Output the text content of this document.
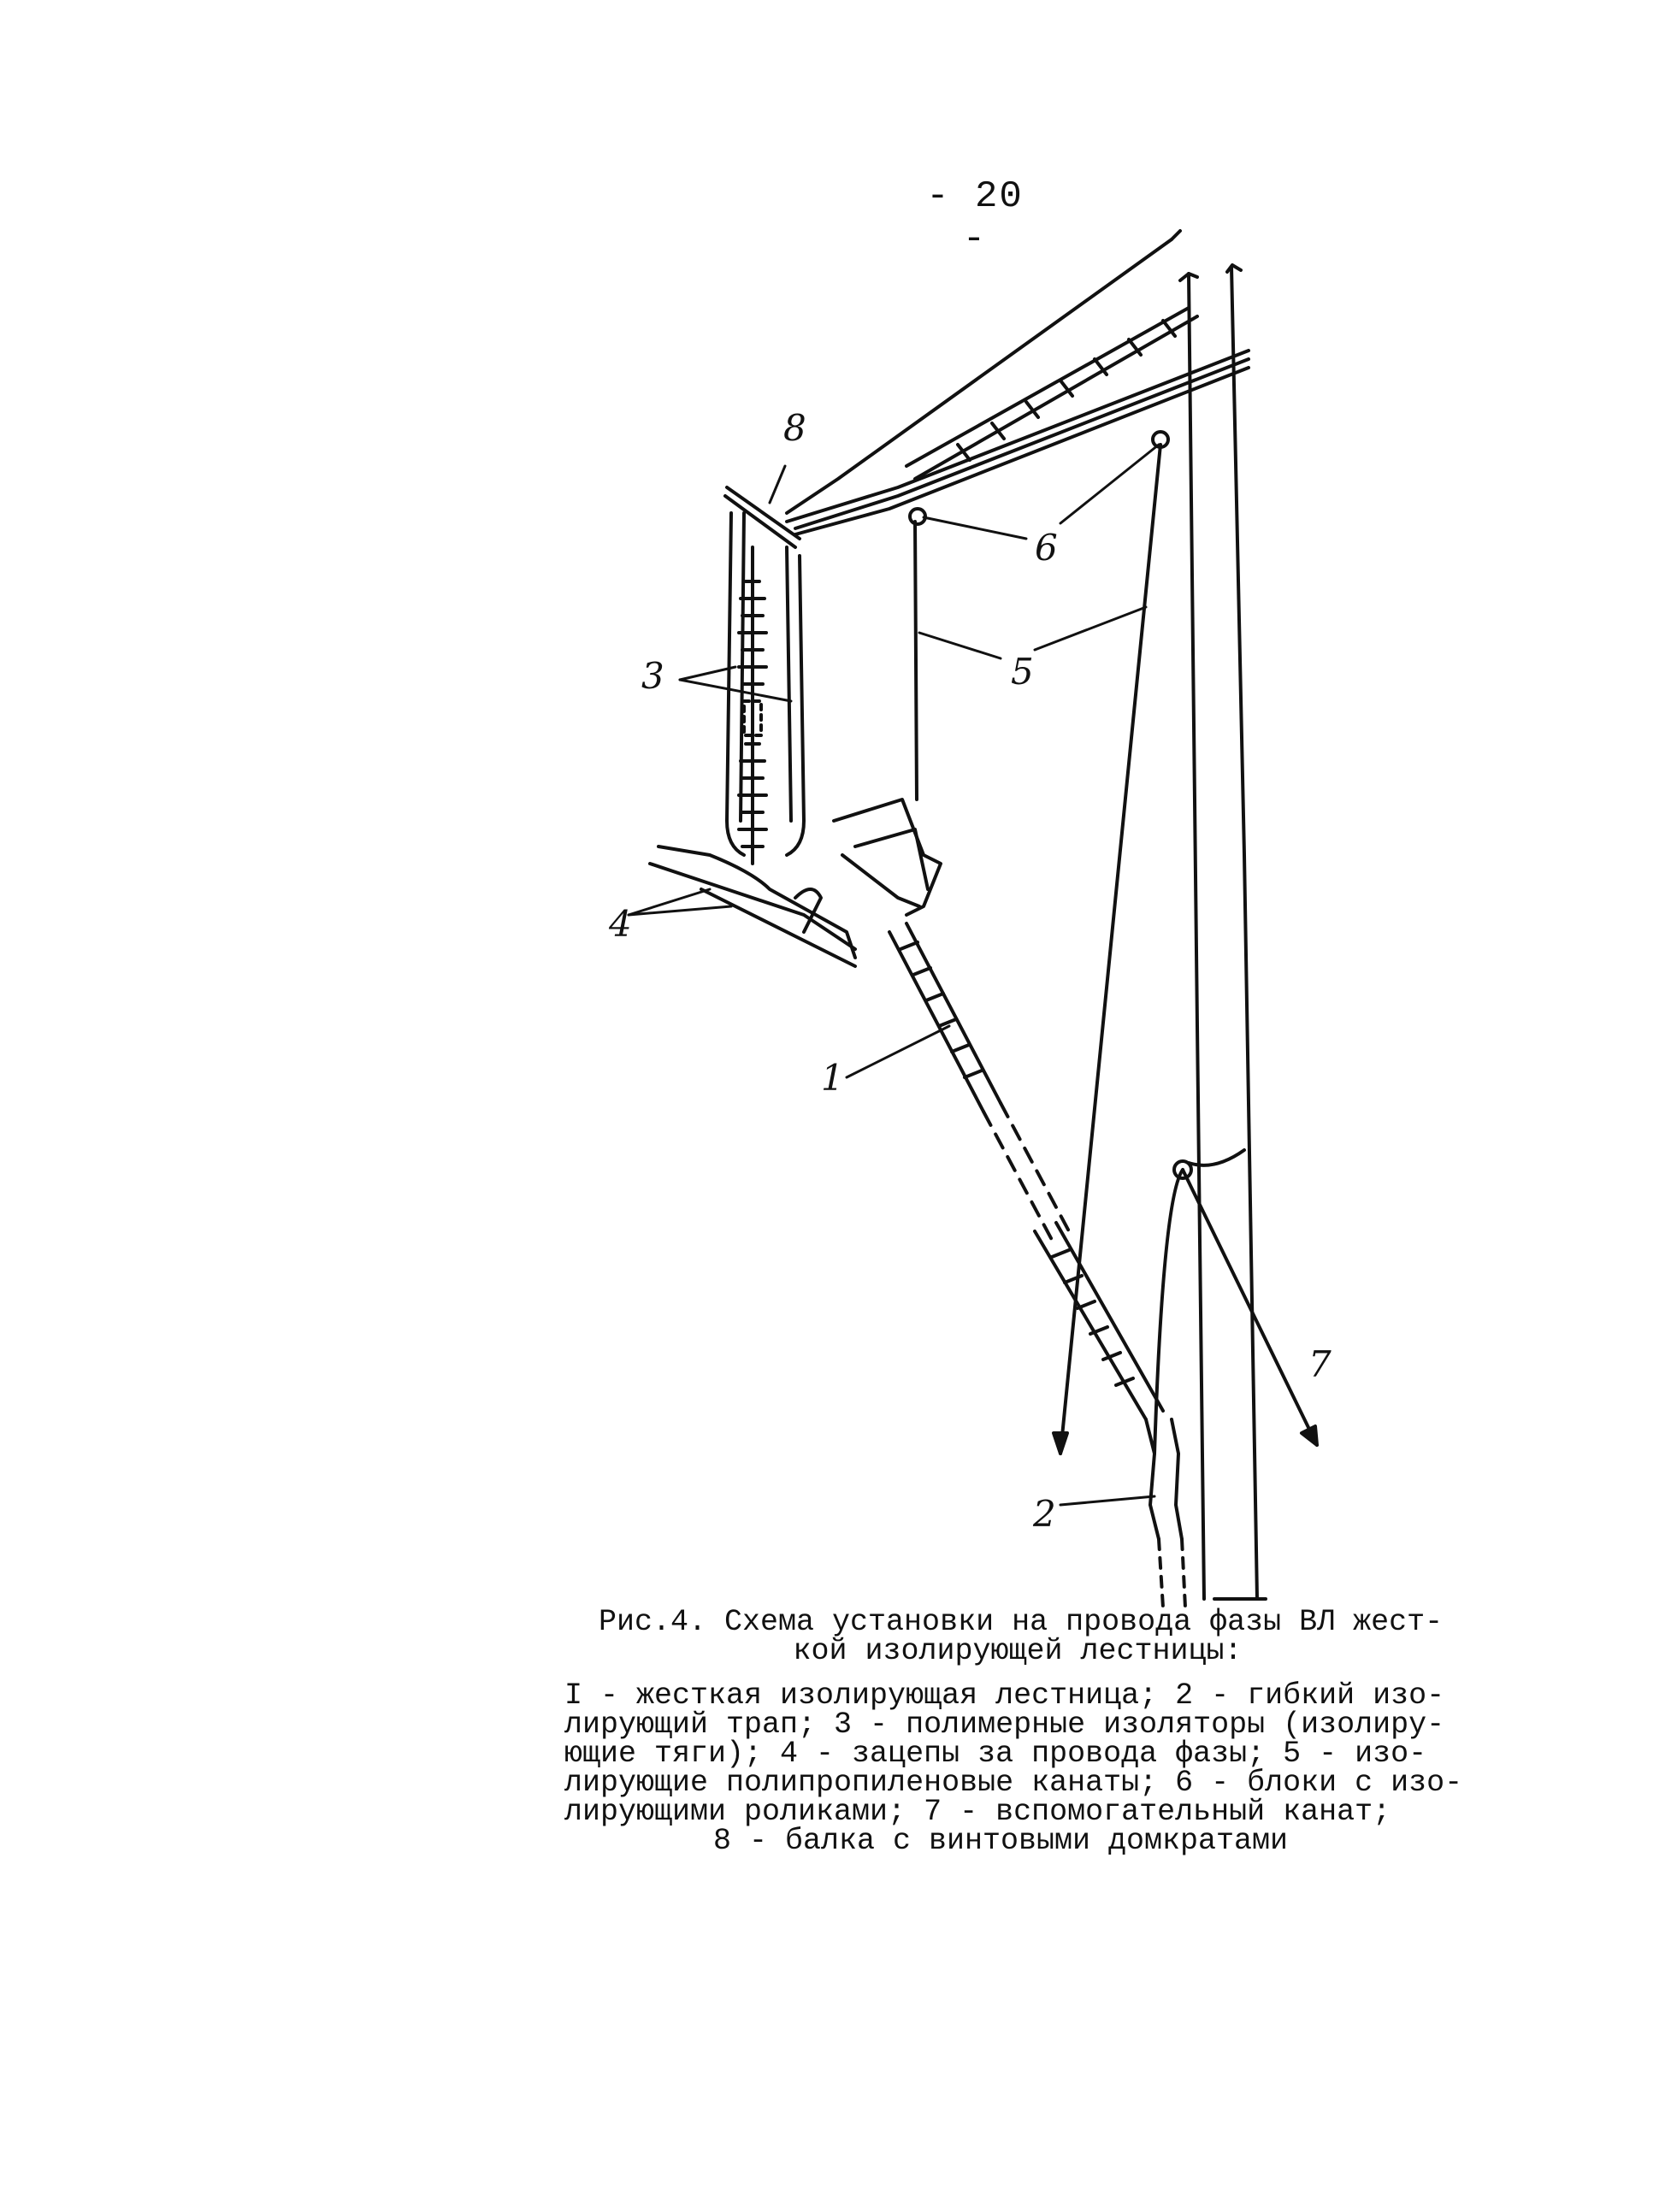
- 20 -
8
6
5
3
4
1
7
2
Рис.4. Схема установки на провода фазы ВЛ жест-
кой изолирующей лестницы:
I - жесткая изолирующая лестница; 2 - гибкий изо-
лирующий трап; 3 - полимерные изоляторы (изолиру-
ющие тяги); 4 - зацепы за провода фазы; 5 - изо-
лирующие полипропиленовые канаты; 6 - блоки с изо-
лирующими роликами; 7 - вспомогательный канат;
8 - балка с винтовыми домкратами
